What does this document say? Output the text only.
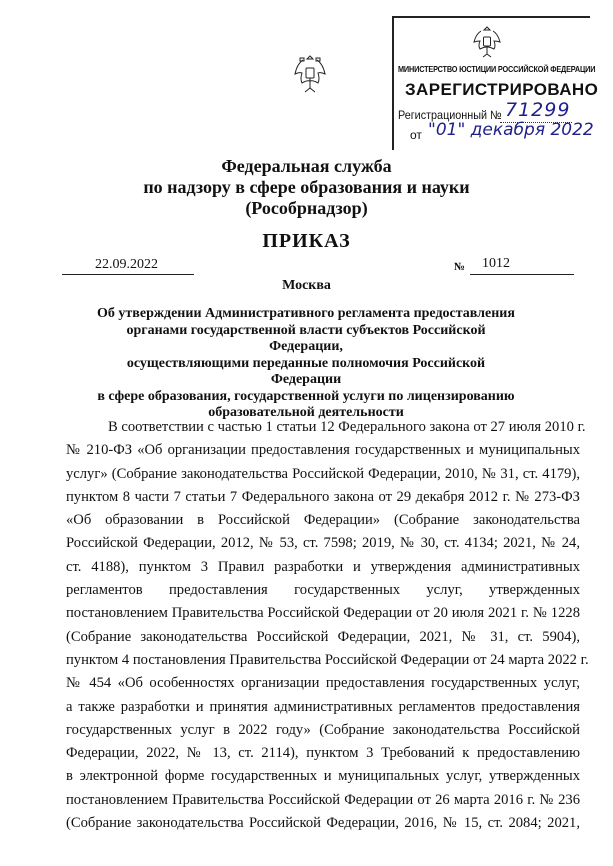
МИНИСТЕРСТВО ЮСТИЦИИ РОССИЙСКОЙ ФЕДЕРАЦИИ
ЗАРЕГИСТРИРОВАНО
Регистрационный № 71299
от "01" декабря 2022
Федеральная служба
по надзору в сфере образования и науки
(Рособрнадзор)
ПРИКАЗ
22.09.2022	№ 1012
Москва
Об утверждении Административного регламента предоставления
органами государственной власти субъектов Российской Федерации,
осуществляющими переданные полномочия Российской Федерации
в сфере образования, государственной услуги по лицензированию
образовательной деятельности
В соответствии с частью 1 статьи 12 Федерального закона от 27 июля 2010 г.
№ 210-ФЗ «Об организации предоставления государственных и муниципальных
услуг» (Собрание законодательства Российской Федерации, 2010, № 31, ст. 4179),
пунктом 8 части 7 статьи 7 Федерального закона от 29 декабря 2012 г. № 273-ФЗ
«Об образовании в Российской Федерации» (Собрание законодательства
Российской Федерации, 2012, № 53, ст. 7598; 2019, № 30, ст. 4134; 2021, № 24,
ст. 4188), пунктом 3 Правил разработки и утверждения административных
регламентов предоставления государственных услуг, утвержденных
постановлением Правительства Российской Федерации от 20 июля 2021 г. № 1228
(Собрание законодательства Российской Федерации, 2021, № 31, ст. 5904),
пунктом 4 постановления Правительства Российской Федерации от 24 марта 2022 г.
№ 454 «Об особенностях организации предоставления государственных услуг,
а также разработки и принятия административных регламентов предоставления
государственных услуг в 2022 году» (Собрание законодательства Российской
Федерации, 2022, № 13, ст. 2114), пунктом 3 Требований к предоставлению
в электронной форме государственных и муниципальных услуг, утвержденных
постановлением Правительства Российской Федерации от 26 марта 2016 г. № 236
(Собрание законодательства Российской Федерации, 2016, № 15, ст. 2084; 2021,
